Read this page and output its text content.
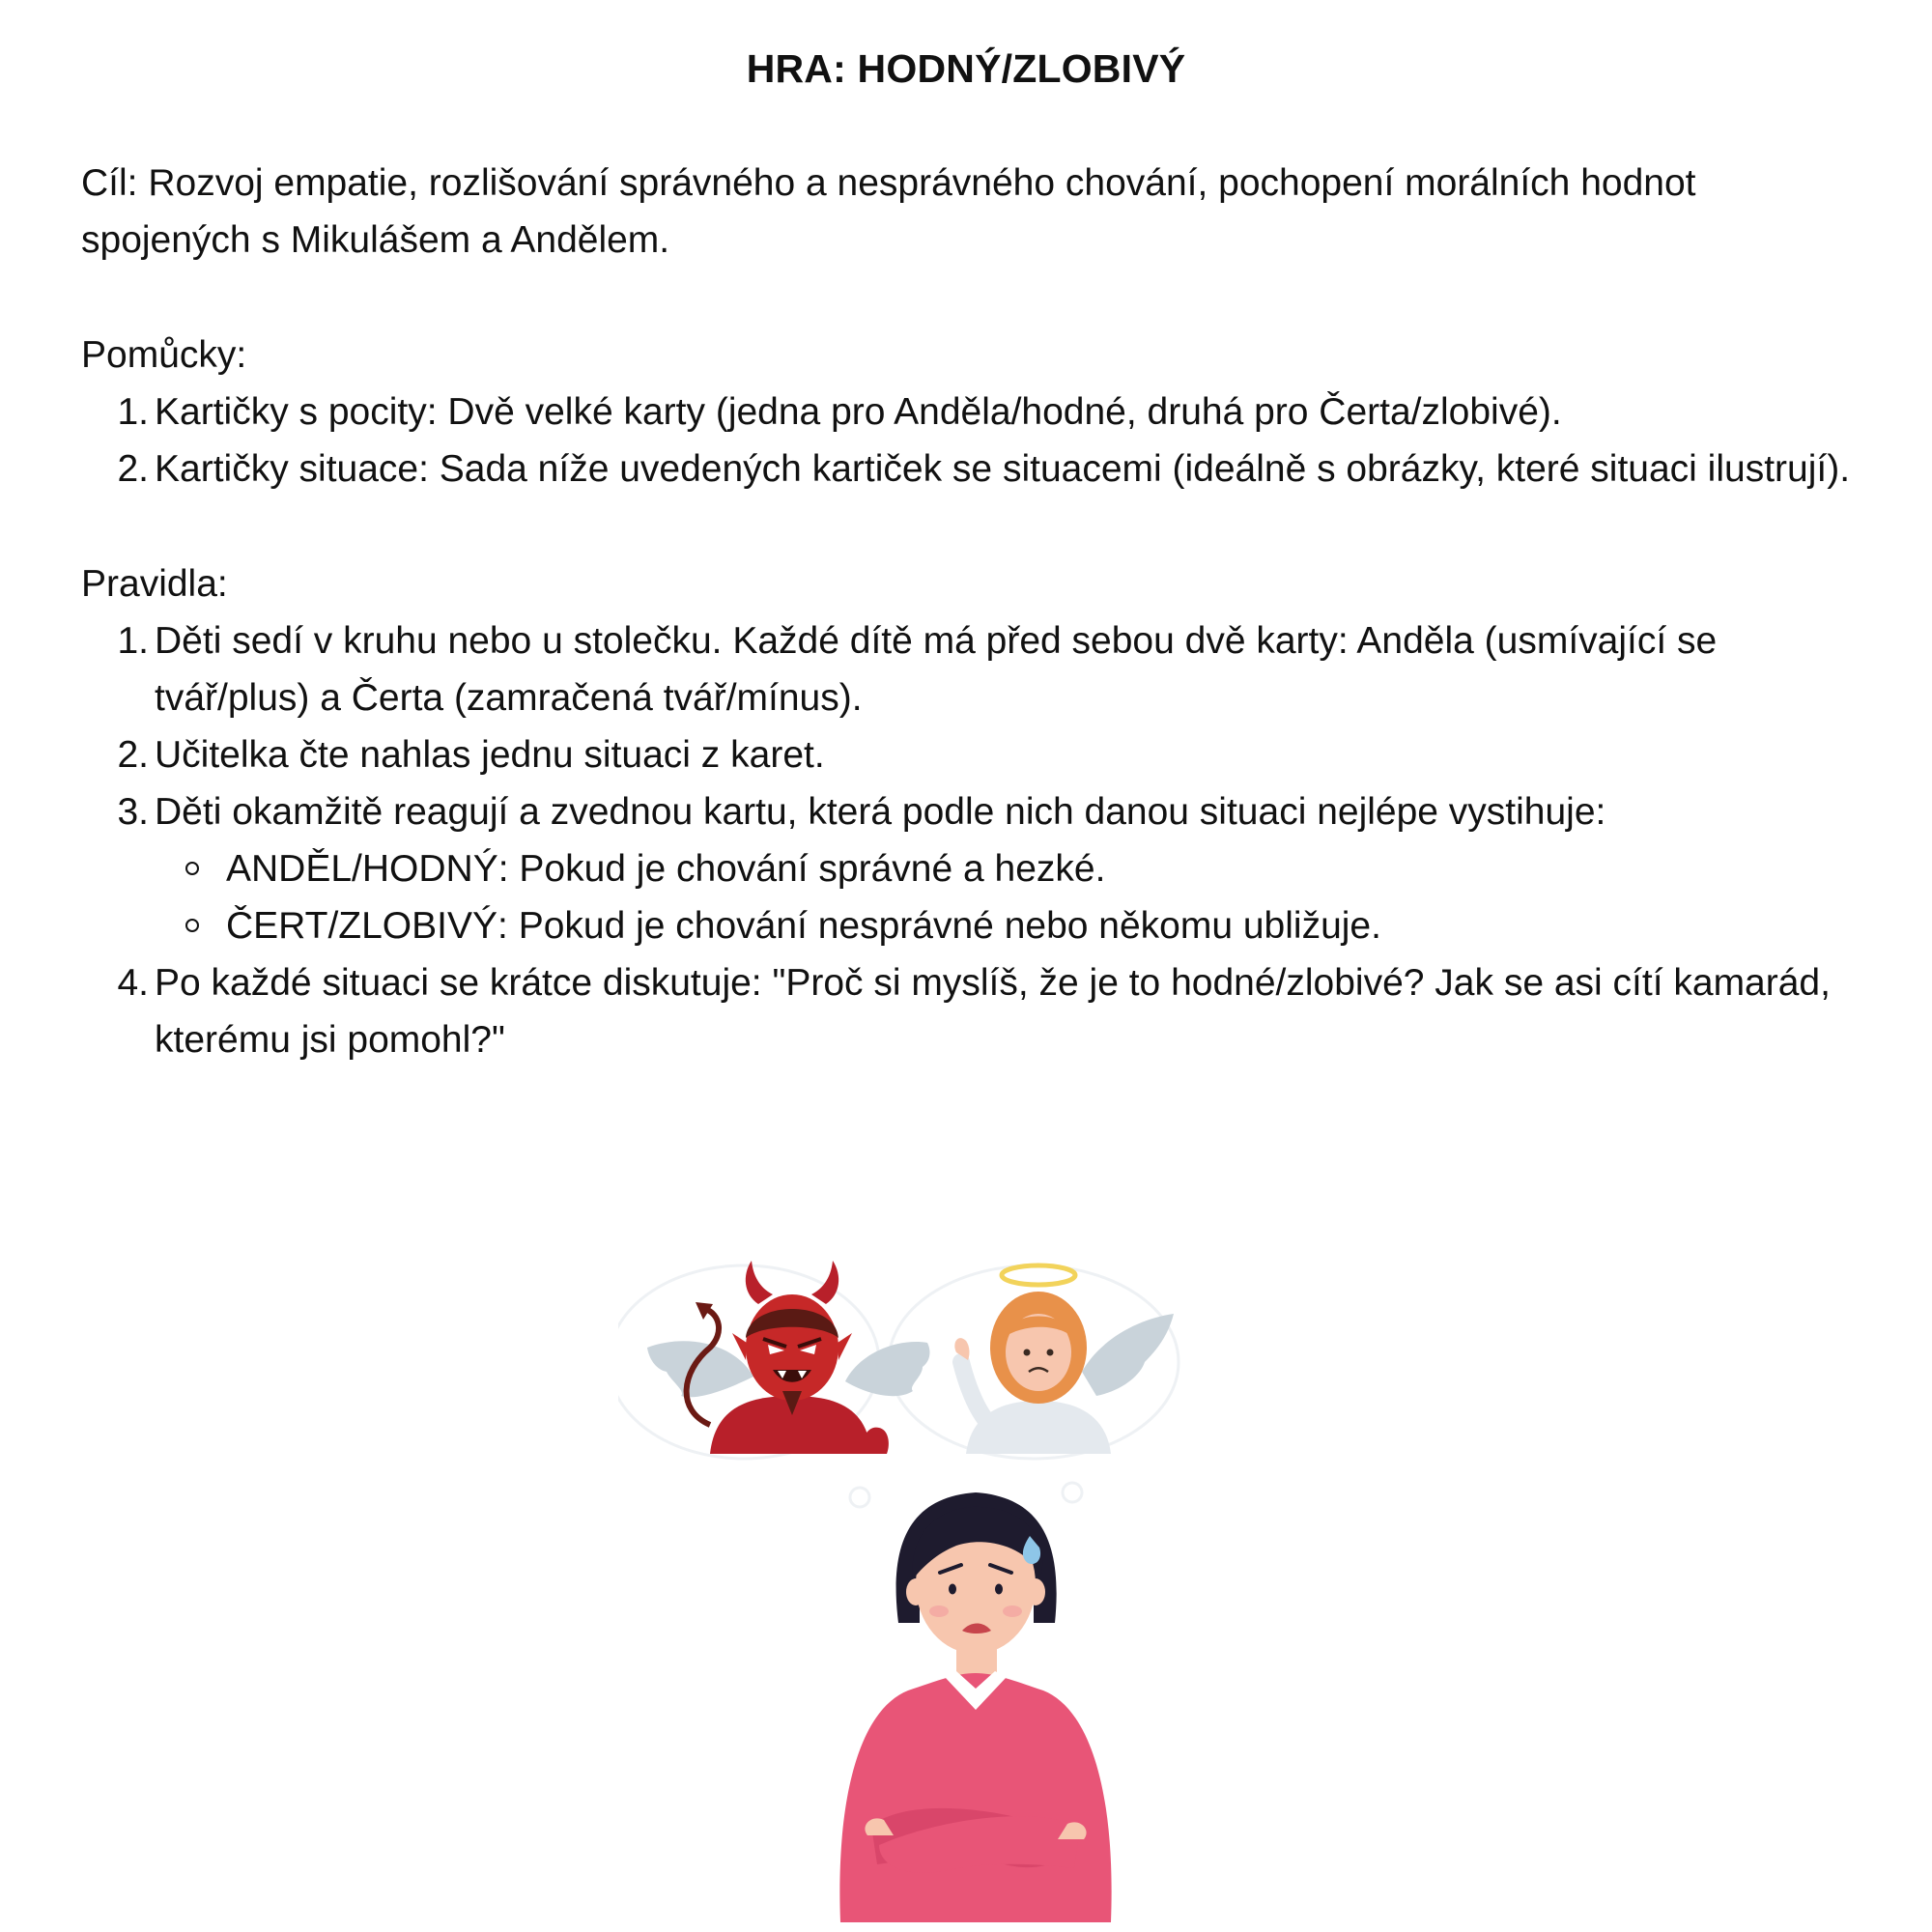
HRA: HODNÝ/ZLOBIVÝ

Cíl: Rozvoj empatie, rozlišování správného a nesprávného chování, pochopení morálních hodnot spojených s Mikulášem a Andělem.

Pomůcky:

1. Kartičky s pocity: Dvě velké karty (jedna pro Anděla/hodné, druhá pro Čerta/zlobivé).
2. Kartičky situace: Sada níže uvedených kartiček se situacemi (ideálně s obrázky, které situaci ilustrují).

Pravidla:

1. Děti sedí v kruhu nebo u stolečku. Každé dítě má před sebou dvě karty: Anděla (usmívající se tvář/plus) a Čerta (zamračená tvář/mínus).
2. Učitelka čte nahlas jednu situaci z karet.
3. Děti okamžitě reagují a zvednou kartu, která podle nich danou situaci nejlépe vystihuje:
ANDĚL/HODNÝ: Pokud je chování správné a hezké.
ČERT/ZLOBIVÝ: Pokud je chování nesprávné nebo někomu ubližuje.
4. Po každé situaci se krátce diskutuje: "Proč si myslíš, že je to hodné/zlobivé? Jak se asi cítí kamarád, kterému jsi pomohl?"
